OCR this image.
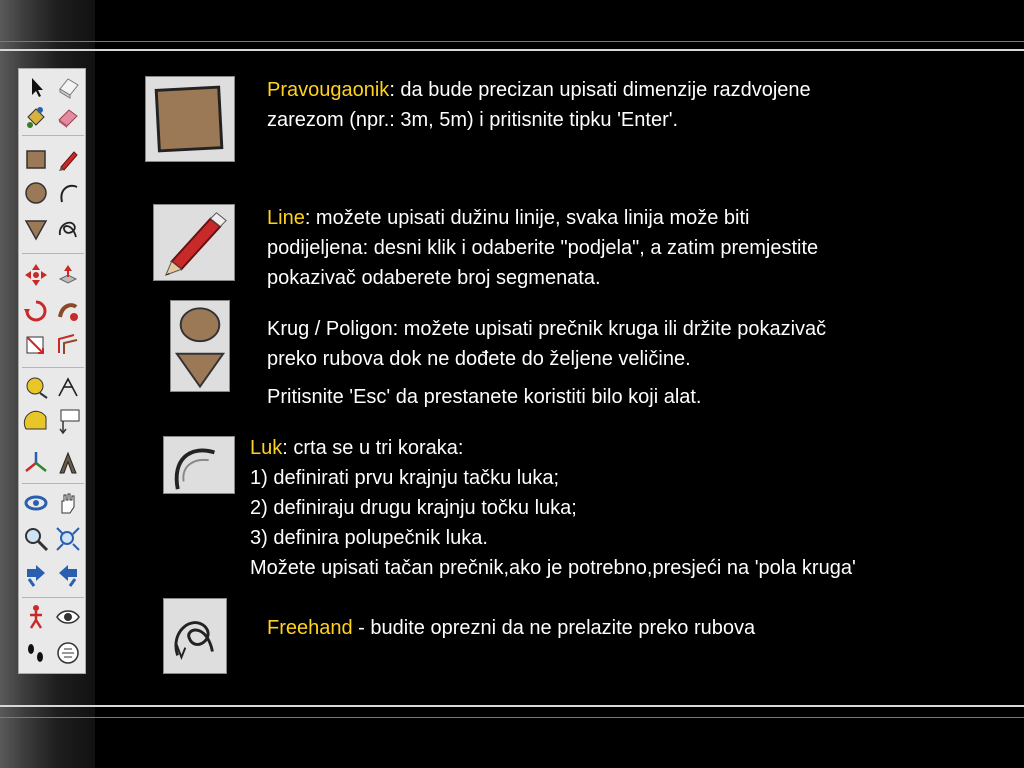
Pravougaonik: da bude precizan upisati dimenzije razdvojene
zarezom (npr.: 3m, 5m) i pritisnite tipku 'Enter'.
Line: možete upisati dužinu linije, svaka linija može biti
podijeljena: desni klik i odaberite "podjela", a zatim premjestite
pokazivač odaberete broj segmenata.
Krug / Poligon: možete upisati prečnik kruga ili držite pokazivač
preko rubova dok ne dođete do željene veličine.
Pritisnite 'Esc' da prestanete koristiti bilo koji alat.
Luk: crta se u tri koraka:
1) definirati prvu krajnju tačku luka;
2) definiraju drugu krajnju točku luka;
3) definira polupečnik luka.
Možete upisati tačan prečnik,ako je potrebno,presjeći na 'pola kruga'
Freehand - budite oprezni da ne prelazite preko rubova
